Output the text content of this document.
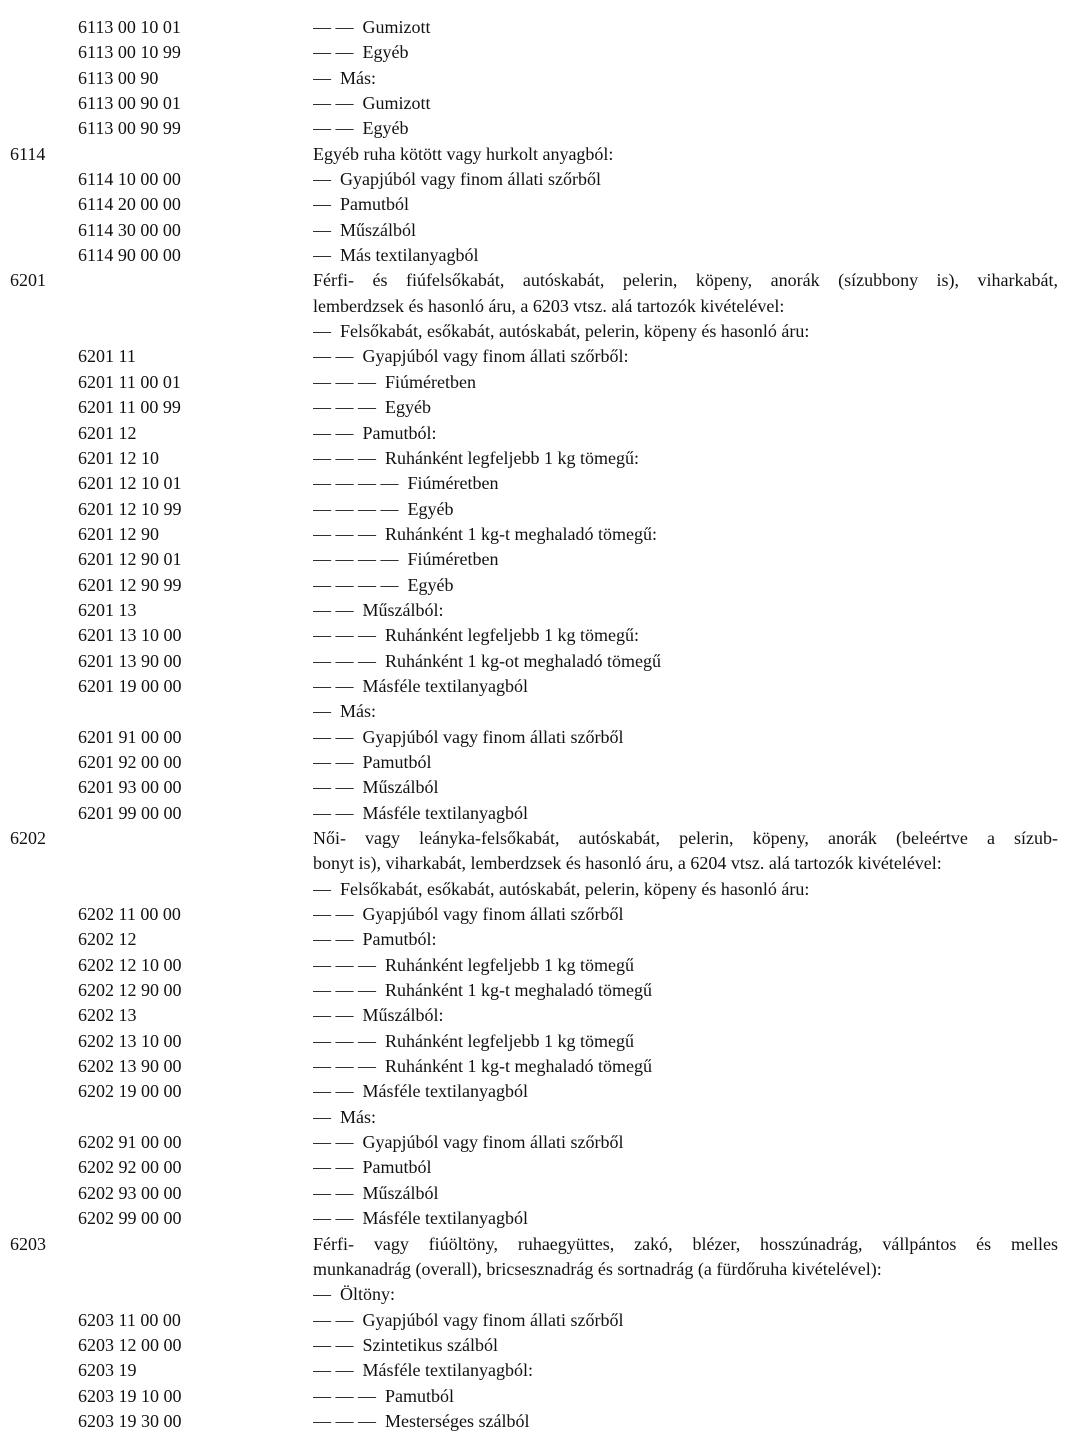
6113 00 10 01	— —  Gumizott
6113 00 10 99	— —  Egyéb
6113 00 90	—  Más:
6113 00 90 01	— —  Gumizott
6113 00 90 99	— —  Egyéb
6114	Egyéb ruha kötött vagy hurkolt anyagból:
6114 10 00 00	—  Gyapjúból vagy finom állati szőrből
6114 20 00 00	—  Pamutból
6114 30 00 00	—  Műszálból
6114 90 00 00	—  Más textilanyagból
6201	Férfi- és fiúfelsőkabát, autóskabát, pelerin, köpeny, anorák (sízubbony is), viharkabát,
lemberdzsek és hasonló áru, a 6203 vtsz. alá tartozók kivételével:
—  Felsőkabát, esőkabát, autóskabát, pelerin, köpeny és hasonló áru:
6201 11	— —  Gyapjúból vagy finom állati szőrből:
6201 11 00 01	— — —  Fiúméretben
6201 11 00 99	— — —  Egyéb
6201 12	— —  Pamutból:
6201 12 10	— — —  Ruhánként legfeljebb 1 kg tömegű:
6201 12 10 01	— — — —  Fiúméretben
6201 12 10 99	— — — —  Egyéb
6201 12 90	— — —  Ruhánként 1 kg-t meghaladó tömegű:
6201 12 90 01	— — — —  Fiúméretben
6201 12 90 99	— — — —  Egyéb
6201 13	— —  Műszálból:
6201 13 10 00	— — —  Ruhánként legfeljebb 1 kg tömegű:
6201 13 90 00	— — —  Ruhánként 1 kg-ot meghaladó tömegű
6201 19 00 00	— —  Másféle textilanyagból
—  Más:
6201 91 00 00	— —  Gyapjúból vagy finom állati szőrből
6201 92 00 00	— —  Pamutból
6201 93 00 00	— —  Műszálból
6201 99 00 00	— —  Másféle textilanyagból
6202	Női- vagy leányka-felsőkabát, autóskabát, pelerin, köpeny, anorák (beleértve a sízub-
bonyt is), viharkabát, lemberdzsek és hasonló áru, a 6204 vtsz. alá tartozók kivételével:
—  Felsőkabát, esőkabát, autóskabát, pelerin, köpeny és hasonló áru:
6202 11 00 00	— —  Gyapjúból vagy finom állati szőrből
6202 12	— —  Pamutból:
6202 12 10 00	— — —  Ruhánként legfeljebb 1 kg tömegű
6202 12 90 00	— — —  Ruhánként 1 kg-t meghaladó tömegű
6202 13	— —  Műszálból:
6202 13 10 00	— — —  Ruhánként legfeljebb 1 kg tömegű
6202 13 90 00	— — —  Ruhánként 1 kg-t meghaladó tömegű
6202 19 00 00	— —  Másféle textilanyagból
—  Más:
6202 91 00 00	— —  Gyapjúból vagy finom állati szőrből
6202 92 00 00	— —  Pamutból
6202 93 00 00	— —  Műszálból
6202 99 00 00	— —  Másféle textilanyagból
6203	Férfi- vagy fiúöltöny, ruhaegyüttes, zakó, blézer, hosszúnadrág, vállpántos és melles
munkanadrág (overall), bricsesznadrág és sortnadrág (a fürdőruha kivételével):
—  Öltöny:
6203 11 00 00	— —  Gyapjúból vagy finom állati szőrből
6203 12 00 00	— —  Szintetikus szálból
6203 19	— —  Másféle textilanyagból:
6203 19 10 00	— — —  Pamutból
6203 19 30 00	— — —  Mesterséges szálból
